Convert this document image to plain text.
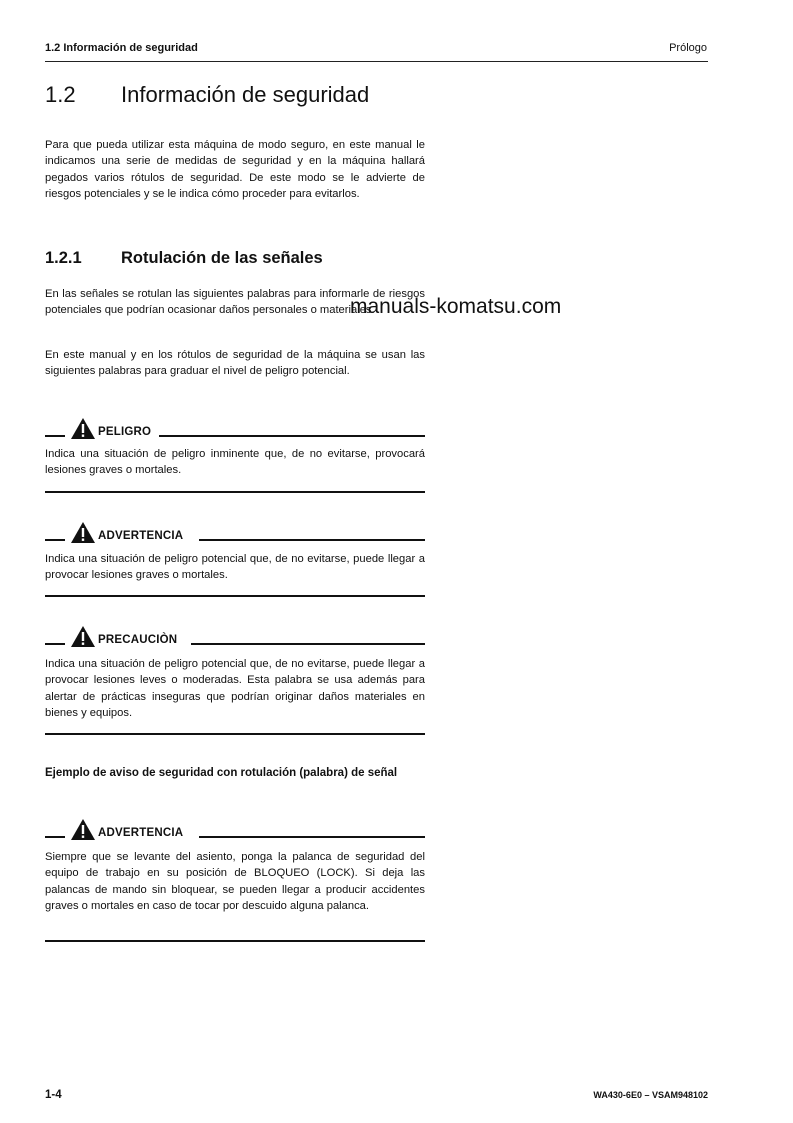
1.2 Información de seguridad	Prólogo
1.2 Información de seguridad
Para que pueda utilizar esta máquina de modo seguro, en este manual le indicamos una serie de medidas de seguridad y en la máquina hallará pegados varios rótulos de seguridad. De este modo se le advierte de riesgos potenciales y se le indica cómo proceder para evitarlos.
1.2.1 Rotulación de las señales
En las señales se rotulan las siguientes palabras para informarle de riesgos potenciales que podrían ocasionar daños personales o materiales.
En este manual y en los rótulos de seguridad de la máquina se usan las siguientes palabras para graduar el nivel de peligro potencial.
PELIGRO
Indica una situación de peligro inminente que, de no evitarse, provocará lesiones graves o mortales.
ADVERTENCIA
Indica una situación de peligro potencial que, de no evitarse, puede llegar a provocar lesiones graves o mortales.
PRECAUCIÒN
Indica una situación de peligro potencial que, de no evitarse, puede llegar a provocar lesiones leves o moderadas. Esta palabra se usa además para alertar de prácticas inseguras que podrían originar daños materiales en bienes y equipos.
Ejemplo de aviso de seguridad con rotulación (palabra) de señal
ADVERTENCIA
Siempre que se levante del asiento, ponga la palanca de seguridad del equipo de trabajo en su posición de BLOQUEO (LOCK). Si deja las palancas de mando sin bloquear, se pueden llegar a producir accidentes graves o mortales en caso de tocar por descuido alguna palanca.
manuals-komatsu.com
1-4	WA430-6E0 – VSAM948102
